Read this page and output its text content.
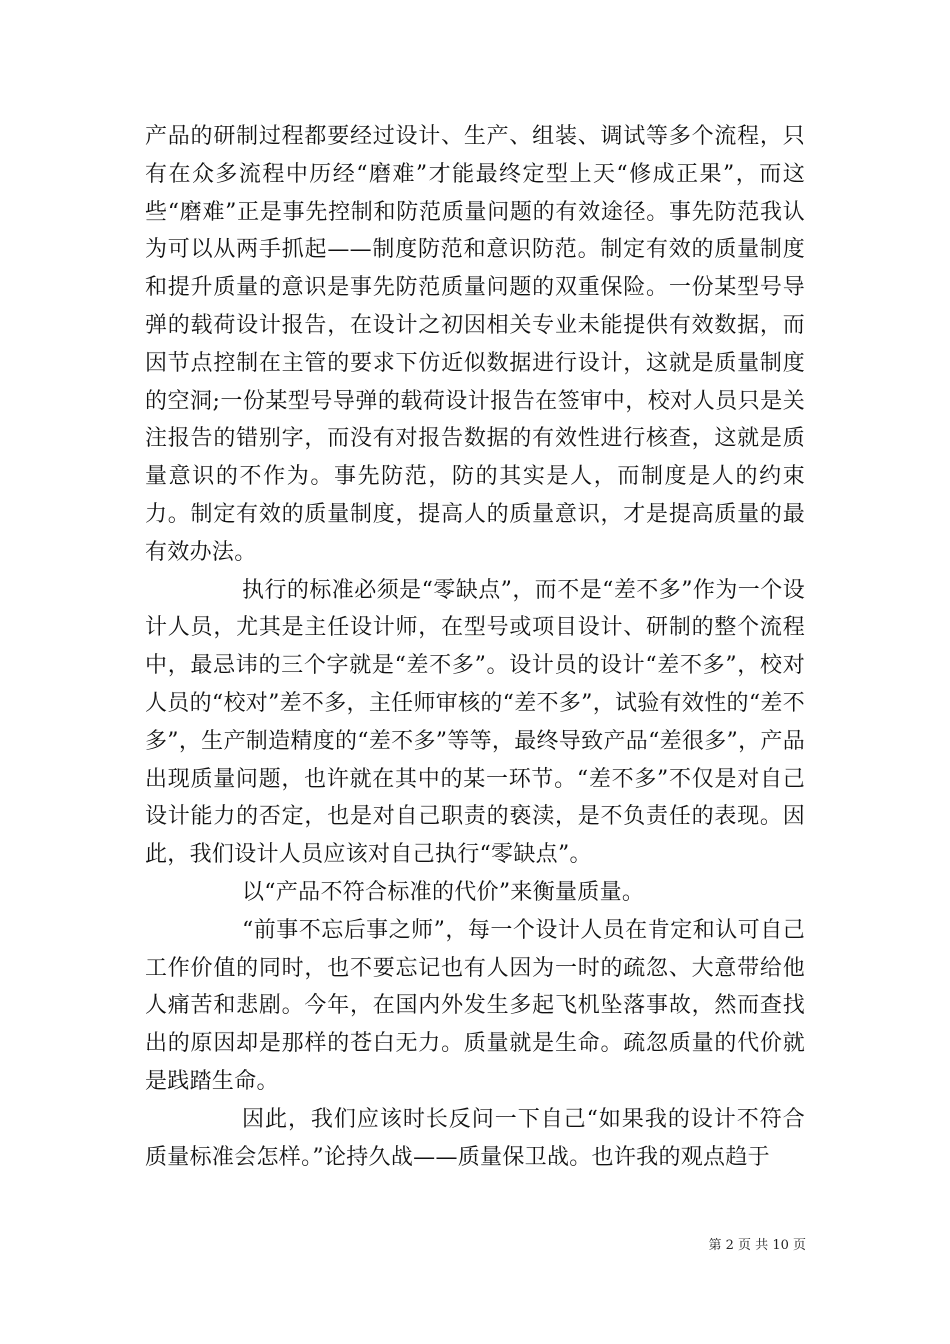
产品的研制过程都要经过设计、生产、组装、调试等多个流程，只有在众多流程中历经“磨难”才能最终定型上天“修成正果”，而这些“磨难”正是事先控制和防范质量问题的有效途径。事先防范我认为可以从两手抓起——制度防范和意识防范。制定有效的质量制度和提升质量的意识是事先防范质量问题的双重保险。一份某型号导弹的载荷设计报告，在设计之初因相关专业未能提供有效数据，而因节点控制在主管的要求下仿近似数据进行设计，这就是质量制度的空洞;一份某型号导弹的载荷设计报告在签审中，校对人员只是关注报告的错别字，而没有对报告数据的有效性进行核查，这就是质量意识的不作为。事先防范，防的其实是人，而制度是人的约束力。制定有效的质量制度，提高人的质量意识，才是提高质量的最有效办法。

执行的标准必须是“零缺点”，而不是“差不多”作为一个设计人员，尤其是主任设计师，在型号或项目设计、研制的整个流程中，最忌讳的三个字就是“差不多”。设计员的设计“差不多”，校对人员的“校对”差不多，主任师审核的“差不多”，试验有效性的“差不多”，生产制造精度的“差不多”等等，最终导致产品“差很多”，产品出现质量问题，也许就在其中的某一环节。“差不多”不仅是对自己设计能力的否定，也是对自己职责的亵渎，是不负责任的表现。因此，我们设计人员应该对自己执行“零缺点”。

以“产品不符合标准的代价”来衡量质量。

“前事不忘后事之师”，每一个设计人员在肯定和认可自己工作价值的同时，也不要忘记也有人因为一时的疏忽、大意带给他人痛苦和悲剧。今年，在国内外发生多起飞机坠落事故，然而查找出的原因却是那样的苍白无力。质量就是生命。疏忽质量的代价就是践踏生命。

因此，我们应该时长反问一下自己“如果我的设计不符合质量标准会怎样。”论持久战——质量保卫战。也许我的观点趋于

第 2 页 共 10 页
